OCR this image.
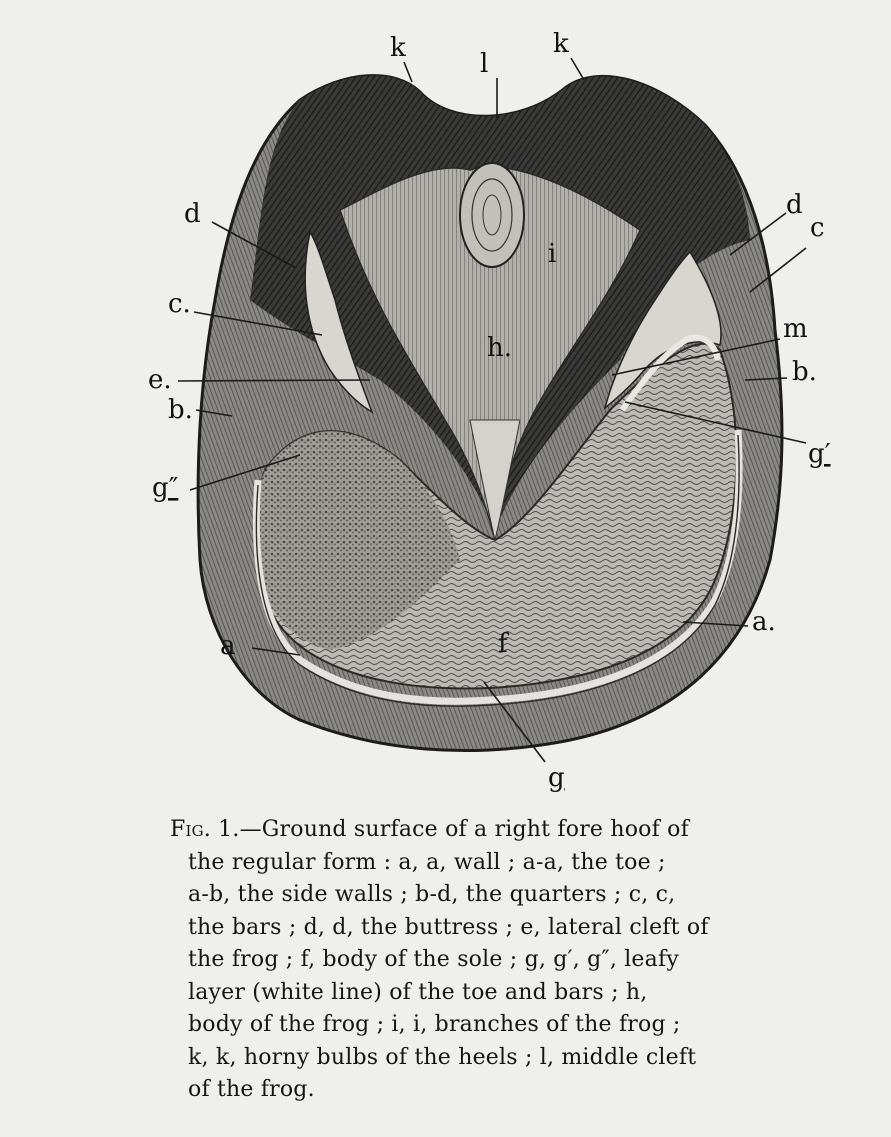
k
l
k
d	d
c
c.
m
h.
i
e.
b.
b.
g′
g″
f
a
a.
g
Fig. 1.—Ground surface of a right fore hoof of
the regular form : a, a, wall ; a-a, the toe ;
a-b, the side walls ; b-d, the quarters ; c, c,
the bars ; d, d, the buttress ; e, lateral cleft of
the frog ; f, body of the sole ; g, g′, g″, leafy
layer (white line) of the toe and bars ; h,
body of the frog ; i, i, branches of the frog ;
k, k, horny bulbs of the heels ; l, middle cleft
of the frog.
